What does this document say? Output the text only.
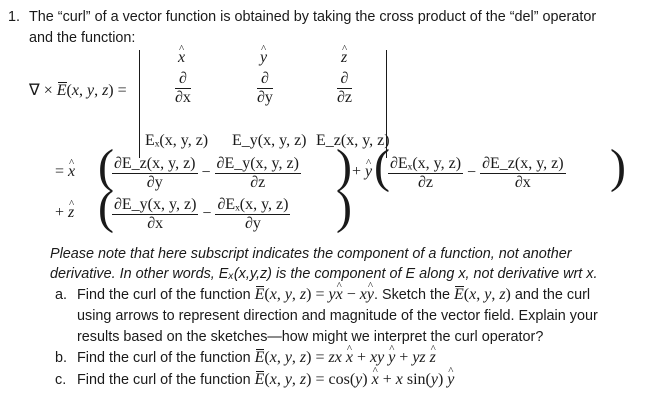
1. The “curl” of a vector function is obtained by taking the cross product of the “del” operator
and the function:
∇ × E(x, y, z) =
^ x	^ y	^ z
$\frac{\partial}{\partial x}$	$\frac{\partial}{\partial y}$	$\frac{\partial}{\partial z}$
Eₓ(x, y, z) E_y(x, y, z) E_z(x, y, z)
= ^ x (
$\frac{\partial E\_z(x, y, z)}{\partial y} - \frac{\partial E\_y(x, y, z)}{\partial z}$ ) + ^ y (
$\frac{\text{∂Eₓ(x, y, z)}}{\partial z} - \frac{\partial E\_z(x, y, z)}{\partial x}$ )
+ ^ z (
$\frac{\partial E\_y(x, y, z)}{\partial x} - \frac{\text{∂Eₓ(x, y, z)}}{\partial y}$ )
Please note that here subscript indicates the component of a function, not another
derivative. In other words, Eₓ(x,y,z) is the component of E along x, not derivative wrt x.
a. Find the curl of the function E(x, y, z) = y^ x − x^ y. Sketch the E(x, y, z) and the curl
using arrows to represent direction and magnitude of the vector field. Explain your
results based on the sketches—how might we interpret the curl operator?
b. Find the curl of the function E(x, y, z) = zx ^ x + xy ^ y + yz ^ z
c. Find the curl of the function E(x, y, z) = cos(y) ^ x + x sin(y) ^ y
